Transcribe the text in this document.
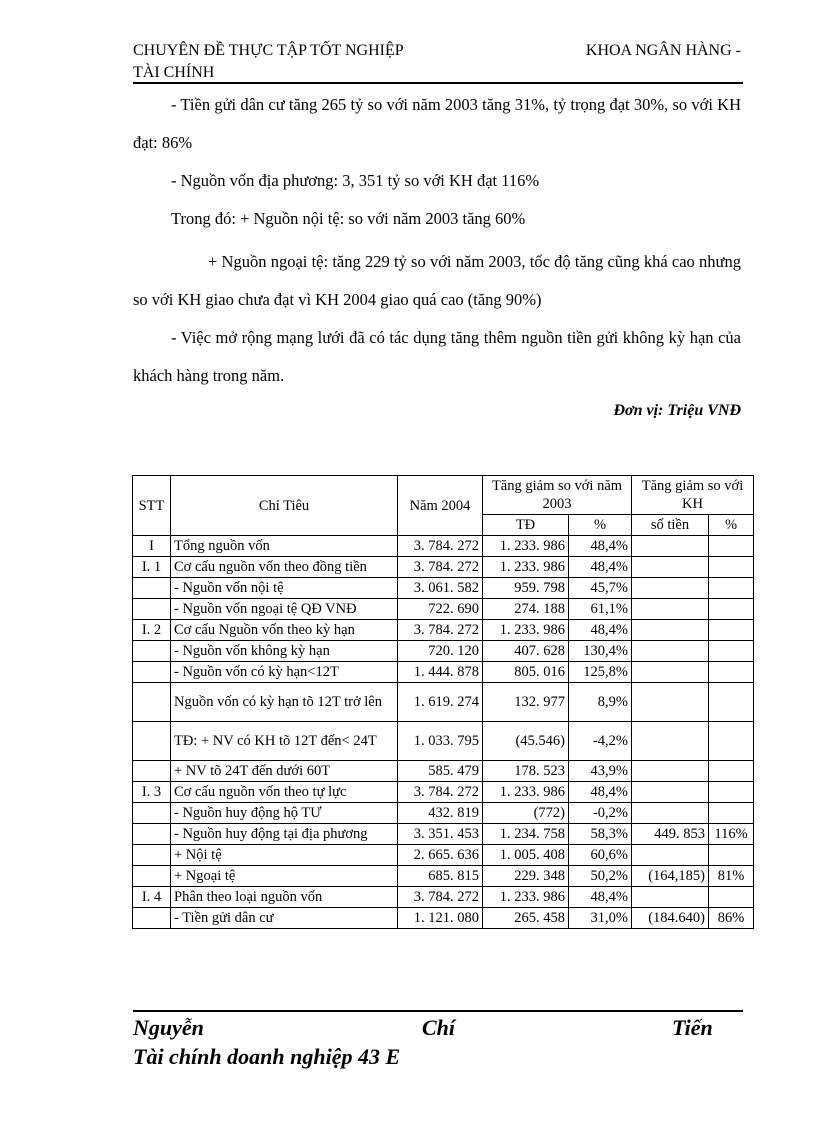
CHUYÊN ĐỀ THỰC TẬP TỐT NGHIỆP
TÀI CHÍNH
KHOA NGÂN HÀNG -
- Tiền gửi dân cư tăng 265 tỷ so với năm 2003 tăng 31%, tỷ trọng đạt 30%, so với KH đạt: 86%
- Nguồn vốn địa phương: 3, 351 tỷ so với KH đạt 116%
Trong đó: + Nguồn nội tệ: so với năm 2003 tăng 60%
+ Nguồn ngoại tệ: tăng 229 tỷ so với năm 2003, tốc độ tăng cũng khá cao nhưng so với KH giao chưa đạt vì KH 2004 giao quá cao (tăng 90%)
- Việc mở rộng mạng lưới đã có tác dụng tăng thêm nguồn tiền gửi không kỳ hạn của khách hàng trong năm.
Đơn vị: Triệu VNĐ
STT	Chỉ Tiêu	Năm 2004	Tăng giảm so với năm 2003		Tăng giảm so với KH	
			TĐ	%	số tiền	%
I	Tổng nguồn vốn	3. 784. 272	1. 233. 986	48,4%		
I. 1	Cơ cấu nguồn vốn theo đồng tiền	3. 784. 272	1. 233. 986	48,4%		
	- Nguồn vốn nội tệ	3. 061. 582	959. 798	45,7%		
	- Nguồn vốn ngoại tệ QĐ VNĐ	722. 690	274. 188	61,1%		
I. 2	Cơ cấu Nguồn vốn theo kỳ hạn	3. 784. 272	1. 233. 986	48,4%		
	- Nguồn vốn không kỳ hạn	720. 120	407. 628	130,4%		
	- Nguồn vốn có kỳ hạn<12T	1. 444. 878	805. 016	125,8%		
	Nguồn vốn có kỳ hạn tõ 12T trở lên	1. 619. 274	132. 977	8,9%		
	TĐ: + NV có KH tõ 12T đến< 24T	1. 033. 795	(45.546)	-4,2%		
	+ NV tõ 24T đến dưới 60T	585. 479	178. 523	43,9%		
I. 3	Cơ cấu nguồn vốn theo tự lực	3. 784. 272	1. 233. 986	48,4%		
	- Nguồn huy động hộ TƯ	432. 819	(772)	-0,2%		
	- Nguồn huy động tại địa phương	3. 351. 453	1. 234. 758	58,3%	449. 853	116%
	+ Nội tệ	2. 665. 636	1. 005. 408	60,6%		
	+ Ngoại tệ	685. 815	229. 348	50,2%	(164,185)	81%
I. 4	Phân theo loại nguồn vốn	3. 784. 272	1. 233. 986	48,4%		
	- Tiền gửi dân cư	1. 121. 080	265. 458	31,0%	(184.640)	86%
Nguyễn	Chí	Tiến
Tài chính doanh nghiệp 43 E
